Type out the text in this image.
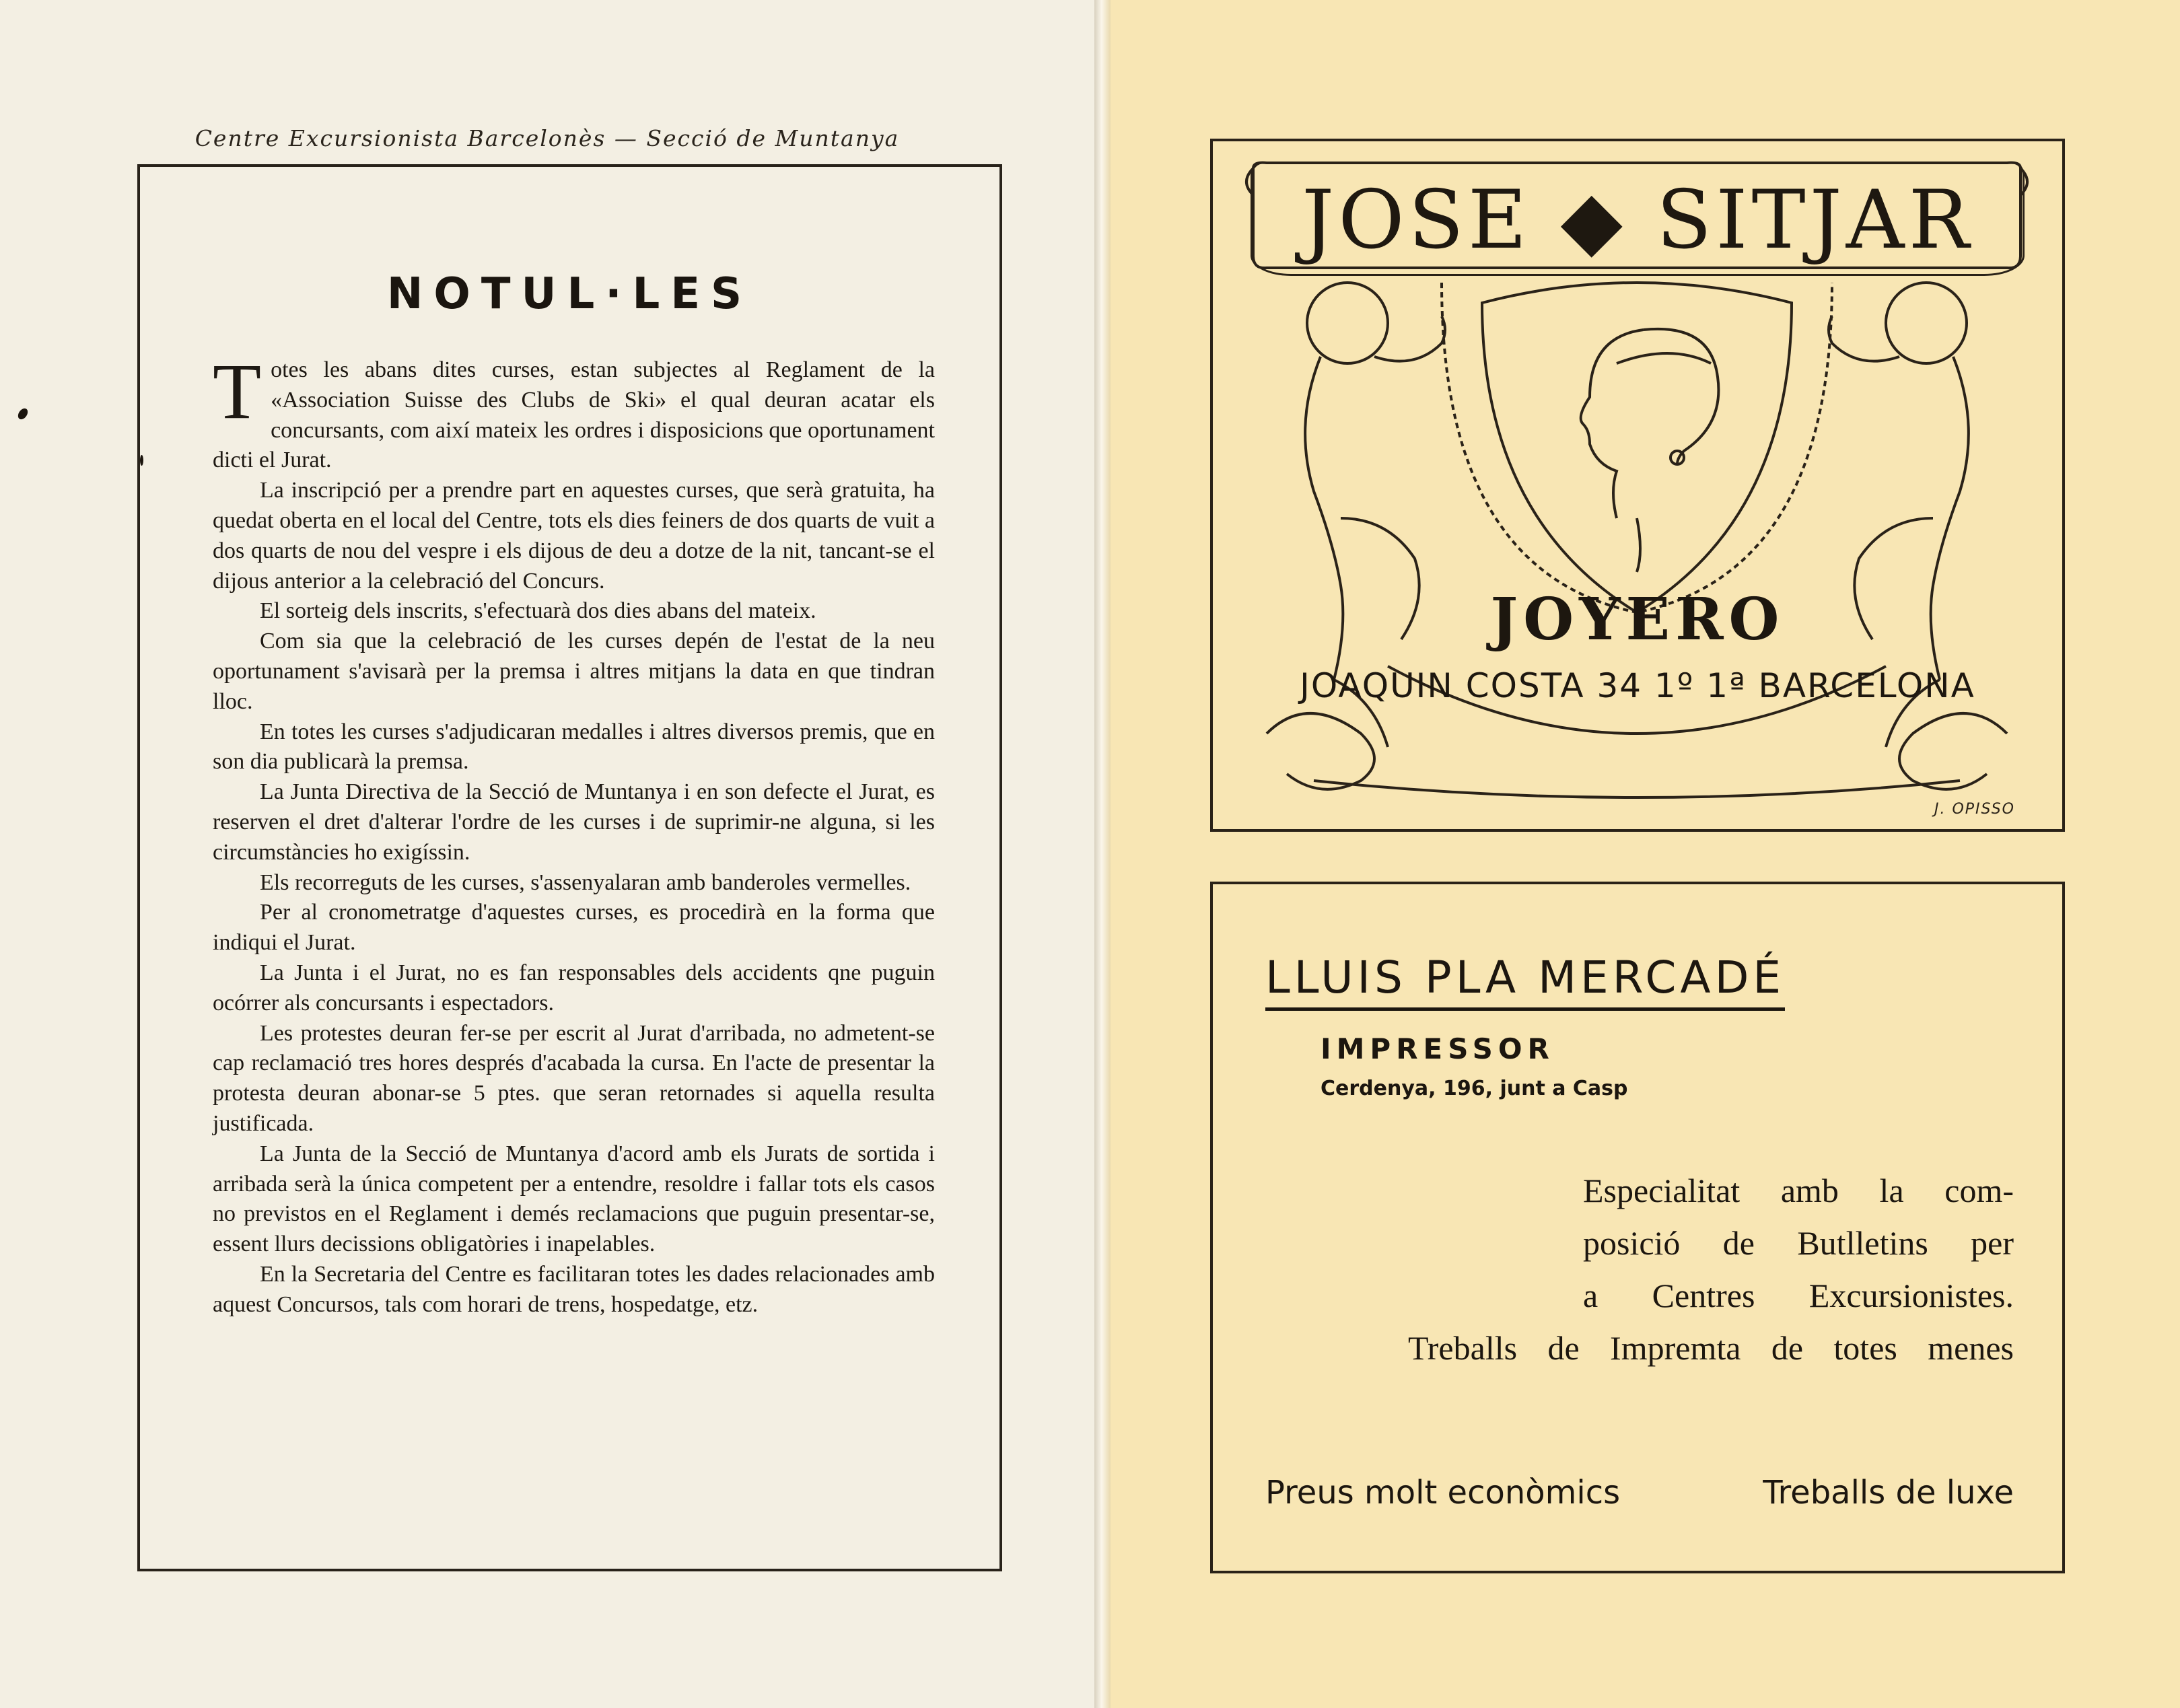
Centre Excursionista Barcelonès — Secció de Muntanya
NOTUL·LES

Totes les abans dites curses, estan subjectes al Reglament de la «Association Suisse des Clubs de Ski» el qual deuran acatar els concursants, com així mateix les ordres i disposicions que oportunament dicti el Jurat.

La inscripció per a prendre part en aquestes curses, que serà gratuita, ha quedat oberta en el local del Centre, tots els dies feiners de dos quarts de vuit a dos quarts de nou del vespre i els dijous de deu a dotze de la nit, tancant-se el dijous anterior a la celebració del Concurs.

El sorteig dels inscrits, s'efectuarà dos dies abans del mateix.

Com sia que la celebració de les curses depén de l'estat de la neu oportunament s'avisarà per la premsa i altres mitjans la data en que tindran lloc.

En totes les curses s'adjudicaran medalles i altres diversos premis, que en son dia publicarà la premsa.

La Junta Directiva de la Secció de Muntanya i en son defecte el Jurat, es reserven el dret d'alterar l'ordre de les curses i de suprimir-ne alguna, si les circumstàncies ho exigíssin.

Els recorreguts de les curses, s'assenyalaran amb banderoles vermelles.

Per al cronometratge d'aquestes curses, es procedirà en la forma que indiqui el Jurat.

La Junta i el Jurat, no es fan responsables dels accidents qne puguin ocórrer als concursants i espectadors.

Les protestes deuran fer-se per escrit al Jurat d'arribada, no admetent-se cap reclamació tres hores després d'acabada la cursa. En l'acte de presentar la protesta deuran abonar-se 5 ptes. que seran retornades si aquella resulta justificada.

La Junta de la Secció de Muntanya d'acord amb els Jurats de sortida i arribada serà la única competent per a entendre, resoldre i fallar tots els casos no previstos en el Reglament i demés reclamacions que puguin presentar-se, essent llurs decissions obligatòries i inapelables.

En la Secretaria del Centre es facilitaran totes les dades relacionades amb aquest Concursos, tals com horari de trens, hospedatge, etz.

JOSE ◆ SITJAR
JOYERO
JOAQUIN COSTA 34 1º 1ª BARCELONA
J. OPISSO
LLUIS PLA MERCADÉ
IMPRESSOR
Cerdenya, 196, junt a Casp
Especialitat amb la com-
posició de Butlletins per
a Centres Excursionistes.
Treballs de Impremta de totes menes
Preus molt econòmics	Treballs de luxe
